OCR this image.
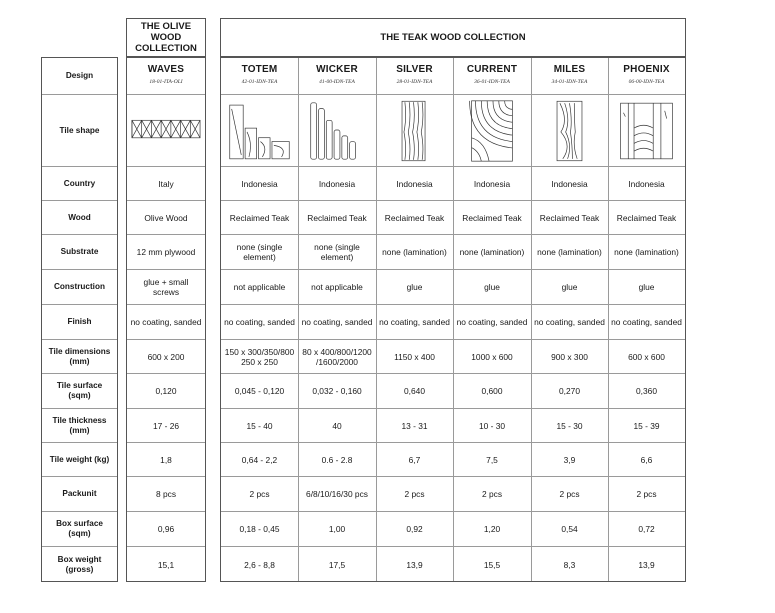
THE OLIVE WOOD COLLECTION
THE TEAK WOOD COLLECTION
Design
Tile shape
Country
Wood
Substrate
Construction
Finish
Tile dimensions (mm)
Tile surface (sqm)
Tile thickness (mm)
Tile weight (kg)
Packunit
Box surface (sqm)
Box weight (gross)
WAVES
18-01-ITA-OLI
Italy
Olive Wood
12 mm plywood
glue + small screws
no coating, sanded
600 x 200
0,120
17 - 26
1,8
8 pcs
0,96
15,1
TOTEM
42-01-IDN-TEA
Indonesia
Reclaimed Teak
none (single element)
not applicable
no coating, sanded
150 x 300/350/800 250 x 250
0,045 - 0,120
15 - 40
0,64 - 2,2
2 pcs
0,18 - 0,45
2,6 - 8,8
WICKER
41-00-IDN-TEA
Indonesia
Reclaimed Teak
none (single element)
not applicable
no coating, sanded
80 x 400/800/1200 /1600/2000
0,032 - 0,160
40
0.6 - 2.8
6/8/10/16/30 pcs
1,00
17,5
SILVER
28-01-IDN-TEA
Indonesia
Reclaimed Teak
none (lamination)
glue
no coating, sanded
1150 x 400
0,640
13 - 31
6,7
2 pcs
0,92
13,9
CURRENT
36-01-IDN-TEA
Indonesia
Reclaimed Teak
none (lamination)
glue
no coating, sanded
1000 x 600
0,600
10 - 30
7,5
2 pcs
1,20
15,5
MILES
34-01-IDN-TEA
Indonesia
Reclaimed Teak
none (lamination)
glue
no coating, sanded
900 x 300
0,270
15 - 30
3,9
2 pcs
0,54
8,3
PHOENIX
06-00-IDN-TEA
Indonesia
Reclaimed Teak
none (lamination)
glue
no coating, sanded
600 x 600
0,360
15 - 39
6,6
2 pcs
0,72
13,9
